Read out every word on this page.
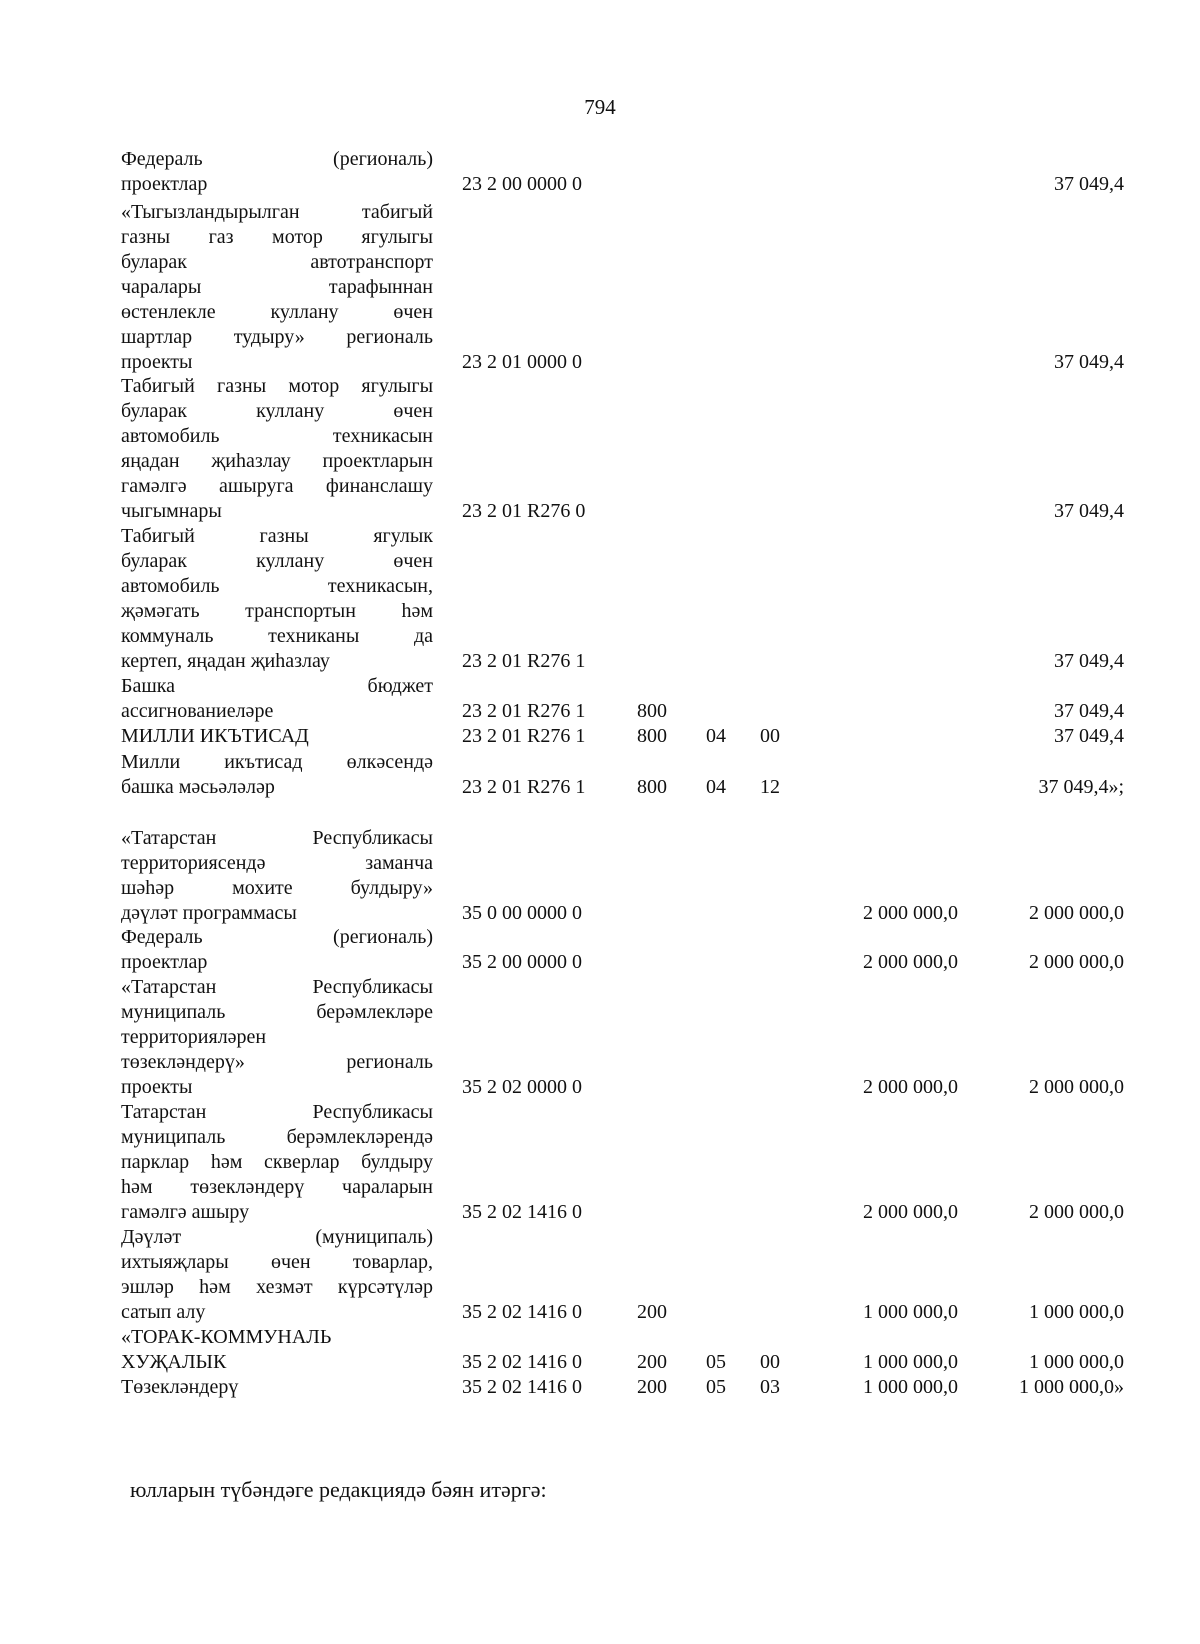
794
Федераль (региональ)
проектлар	23 2 00 0000 0	37 049,4
«Тыгызландырылган табигый
газны газ мотор ягулыгы
буларак автотранспорт
чаралары тарафыннан
өстенлекле куллану өчен
шартлар тудыру» региональ
проекты	23 2 01 0000 0	37 049,4
Табигый газны мотор ягулыгы
буларак куллану өчен
автомобиль техникасын
яңадан җиһазлау проектларын
гамәлгә ашыруга финанслашу
чыгымнары	23 2 01 R276 0	37 049,4
Табигый газны ягулык
буларак куллану өчен
автомобиль техникасын,
җәмәгать транспортын һәм
коммуналь техниканы да
кертеп, яңадан җиһазлау	23 2 01 R276 1	37 049,4
Башка бюджет
ассигнованиеләре	23 2 01 R276 1	800	37 049,4
МИЛЛИ ИКЪТИСАД	23 2 01 R276 1	800 04 00	37 049,4
Милли икътисад өлкәсендә
башка мәсьәләләр	23 2 01 R276 1	800 04 12	37 049,4»;
«Татарстан Республикасы
территориясендә заманча
шәһәр мохите булдыру»
дәүләт программасы	35 0 00 0000 0	2 000 000,0	2 000 000,0
Федераль (региональ)
проектлар	35 2 00 0000 0	2 000 000,0	2 000 000,0
«Татарстан Республикасы
муниципаль берәмлекләре
территорияләрен
төзекләндерү» региональ
проекты	35 2 02 0000 0	2 000 000,0	2 000 000,0
Татарстан Республикасы
муниципаль берәмлекләрендә
парклар һәм скверлар булдыру
һәм төзекләндерү чараларын
гамәлгә ашыру	35 2 02 1416 0	2 000 000,0	2 000 000,0
Дәүләт (муниципаль)
ихтыяҗлары өчен товарлар,
эшләр һәм хезмәт күрсәтүләр
сатып алу	35 2 02 1416 0	200	1 000 000,0	1 000 000,0
«ТОРАК-КОММУНАЛЬ
ХУҖАЛЫК	35 2 02 1416 0	200 05 00	1 000 000,0	1 000 000,0
Төзекләндерү	35 2 02 1416 0	200 05 03	1 000 000,0	1 000 000,0»
юлларын түбәндәге редакциядә бәян итәргә:
